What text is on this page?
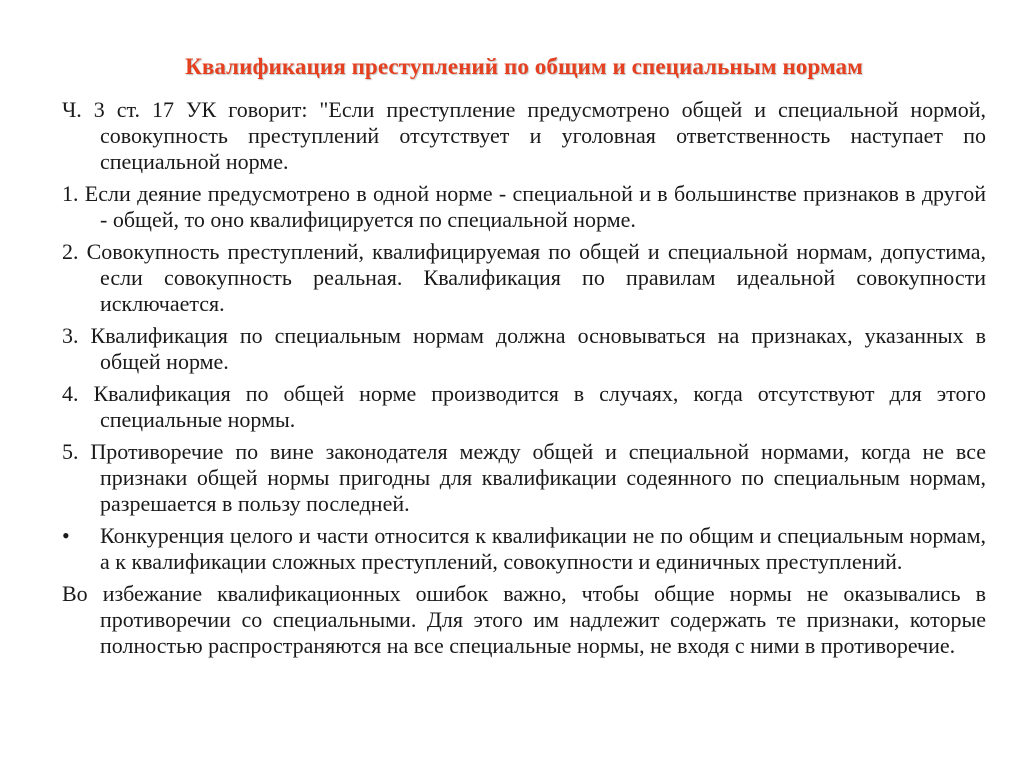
Квалификация преступлений по общим и специальным нормам

Ч. 3 ст. 17 УК говорит: "Если преступление предусмотрено общей и специальной нормой, совокупность преступлений отсутствует и уголовная ответственность наступает по специальной норме.

1. Если деяние предусмотрено в одной норме - специальной и в большинстве признаков в другой - общей, то оно квалифицируется по специальной норме.

2. Совокупность преступлений, квалифицируемая по общей и специальной нормам, допустима, если совокупность реальная. Квалификация по правилам идеальной совокупности исключается.

3. Квалификация по специальным нормам должна основываться на признаках, указанных в общей норме.

4. Квалификация по общей норме производится в случаях, когда отсутствуют для этого специальные нормы.

5. Противоречие по вине законодателя между общей и специальной нормами, когда не все признаки общей нормы пригодны для квалификации содеянного по специальным нормам, разрешается в пользу последней.

•	Конкуренция целого и части относится к квалификации не по общим и специальным нормам, а к квалификации сложных преступлений, совокупности и единичных преступлений.

Во избежание квалификационных ошибок важно, чтобы общие нормы не оказывались в противоречии со специальными. Для этого им надлежит содержать те признаки, которые полностью распространяются на все специальные нормы, не входя с ними в противоречие.
